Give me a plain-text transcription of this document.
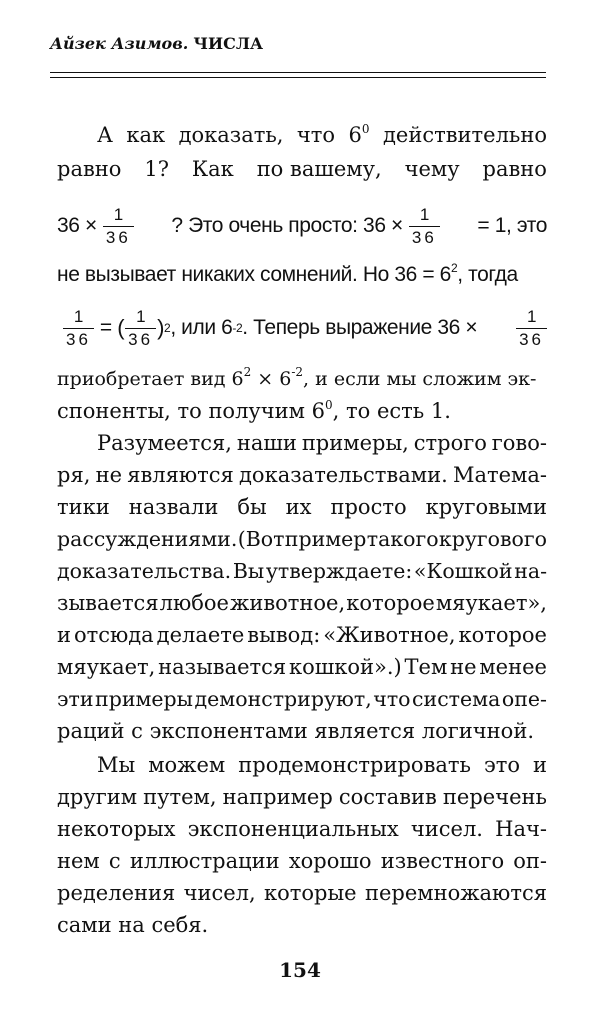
Айзек Азимов. ЧИСЛА
А как доказать, что $6^0$ действительно
равно 1? Как по вашему, чему равно
$36 \times \frac{1}{36}$ ? Это очень просто: $36 \times \frac{1}{36} = 1$, это
не вызывает никаких сомнений. Но $36 = 6^2$, тогда
$\frac{1}{36}$ =
( $\frac{1}{36}$ ) 2 , или 6 -2 . Теперь выражение $36 \times \frac{1}{36}$
приобретает вид $6^2 \times 6^{-2}$, и если мы сложим эк-
споненты, то получим $6^0$, то есть 1.
Разумеется, наши примеры, строго гово-
ря, не являются доказательствами. Матема-
тики назвали бы их просто круговыми
рассуждениями. (Вот пример такого кругового
доказательства. Вы утверждаете: «Кошкой на-
зывается любое животное, которое мяукает»,
и отсюда делаете вывод: «Животное, которое
мяукает, называется кошкой».) Тем не менее
эти примеры демонстрируют, что система опе-
раций с экспонентами является логичной.
Мы можем продемонстрировать это и
другим путем, например составив перечень
некоторых экспоненциальных чисел. Нач-
нем с иллюстрации хорошо известного оп-
ределения чисел, которые перемножаются
сами на себя.
154
